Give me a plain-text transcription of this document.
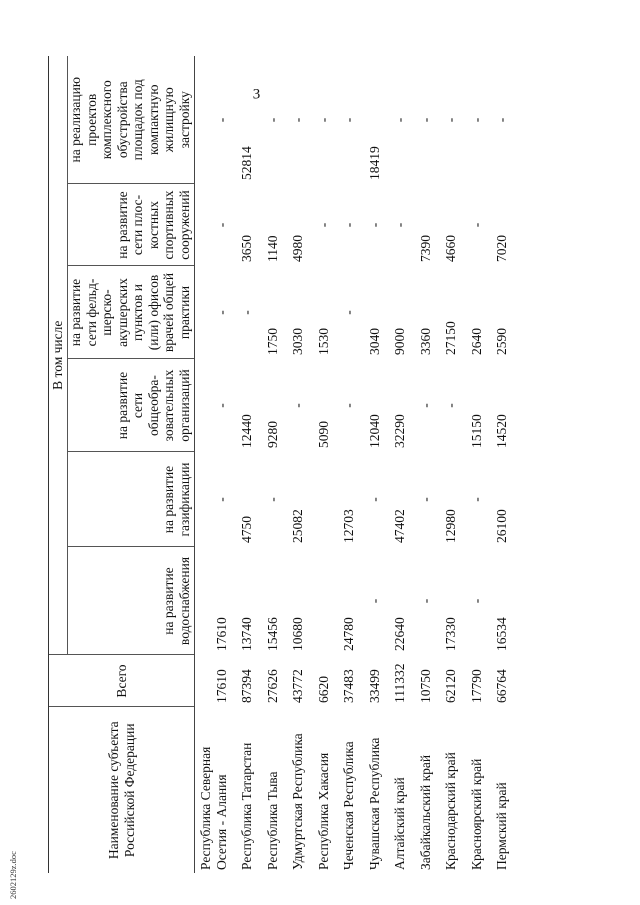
2602129z.doc
3
Наименование субъекта Российской Федерации	Всего	В том числе					
		на развитие водоснабжения	на развитие газификации	на развитие сети общеобра-зовательных организаций	на развитие сети фельд-шерско-акушерских пунктов и (или) офисов врачей общей практики	на развитие сети плос-костных спортивных сооружений	на реализацию проектов комплексного обустройства площадок под компактную жилищную застройку
Республика Северная Осетия - Алания	17610	17610	-	-	-	-	-
Республика Татарстан	87394	13740	4750	12440	-	3650	52814
Республика Тыва	27626	15456	-	9280	1750	1140	-
Удмуртская Республика	43772	10680	25082	-	3030	4980	-
Республика Хакасия	6620			5090	1530	-	-
Чеченская Республика	37483	24780	12703	-	-	-	-
Чувашская Республика	33499	-	-	12040	3040	-	18419
Алтайский край	111332	22640	47402	32290	9000	-	-
Забайкальский край	10750	-	-	-	3360	7390	-
Краснодарский край	62120	17330	12980	-	27150	4660	-
Красноярский край	17790	-	-	15150	2640	-	-
Пермский край	66764	16534	26100	14520	2590	7020	-
